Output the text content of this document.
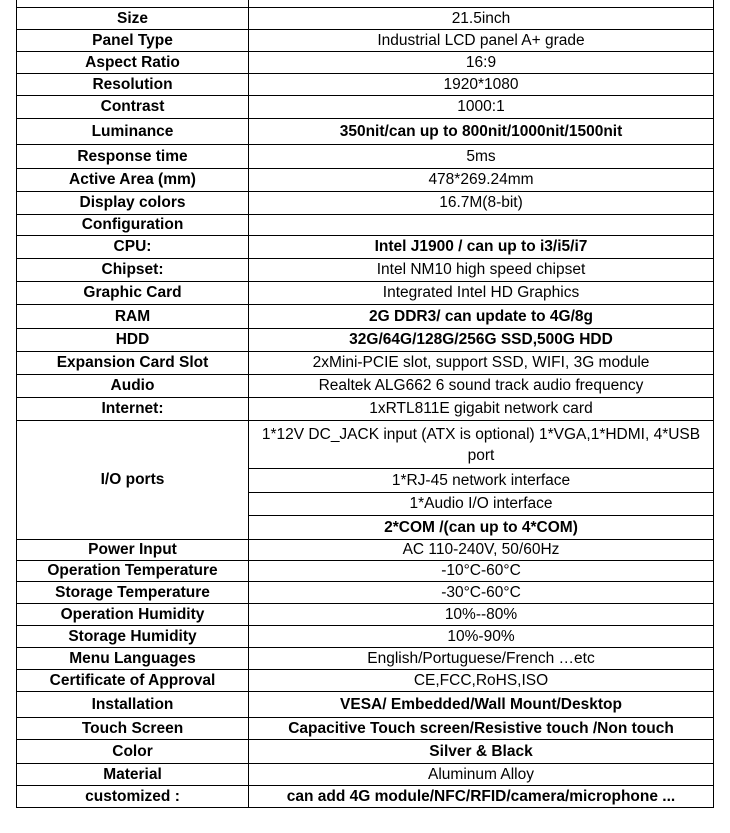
Size	21.5inch
Panel Type	Industrial LCD panel A+ grade
Aspect Ratio	16:9
Resolution	1920*1080
Contrast	1000:1
Luminance	350nit/can up to 800nit/1000nit/1500nit
Response time	5ms
Active Area (mm)	478*269.24mm
Display colors	16.7M(8-bit)
Configuration	
CPU:	Intel J1900 / can up to i3/i5/i7
Chipset:	Intel NM10 high speed chipset
Graphic Card	Integrated Intel HD Graphics
RAM	2G DDR3/ can update to 4G/8g
HDD	32G/64G/128G/256G SSD,500G HDD
Expansion Card Slot	2xMini-PCIE slot, support SSD, WIFI, 3G module
Audio	Realtek ALG662 6 sound track audio frequency
Internet:	1xRTL811E gigabit network card
I/O ports	1*12V DC_JACK input (ATX is optional) 1*VGA,1*HDMI, 4*USB port
	1*RJ-45 network interface
	1*Audio I/O interface
	2*COM /(can up to 4*COM)
Power Input	AC 110-240V, 50/60Hz
Operation Temperature	-10°C-60°C
Storage Temperature	-30°C-60°C
Operation Humidity	10%--80%
Storage Humidity	10%-90%
Menu Languages	English/Portuguese/French …etc
Certificate of Approval	CE,FCC,RoHS,ISO
Installation	VESA/ Embedded/Wall Mount/Desktop
Touch Screen	Capacitive Touch screen/Resistive touch /Non touch
Color	Silver & Black
Material	Aluminum Alloy
customized :	can add 4G module/NFC/RFID/camera/microphone ...
